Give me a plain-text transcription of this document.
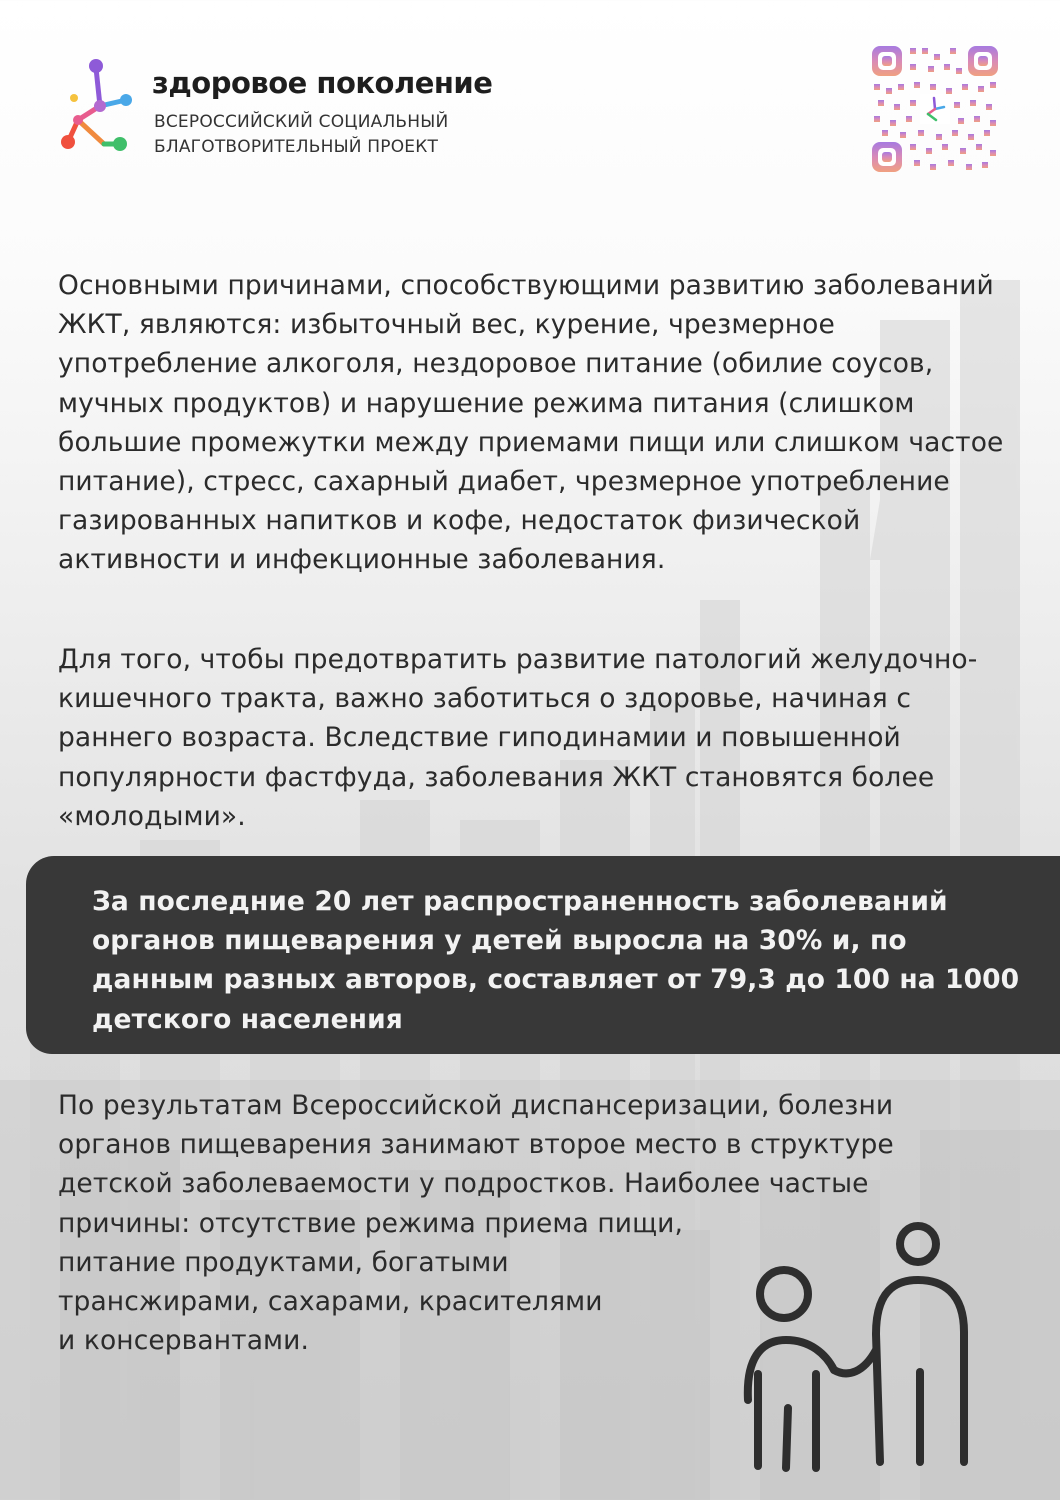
здоровое поколение
ВСЕРОССИЙСКИЙ СОЦИАЛЬНЫЙ
БЛАГОТВОРИТЕЛЬНЫЙ ПРОЕКТ
Основными причинами, способствующими развитию заболеваний ЖКТ, являются: избыточный вес, курение, чрезмерное употребление алкоголя, нездоровое питание (обилие соусов, мучных продуктов) и нарушение режима питания (слишком большие промежутки между приемами пищи или слишком частое питание), стресс, сахарный диабет, чрезмерное употребление газированных напитков и кофе, недостаток физической активности и инфекционные заболевания.
Для того, чтобы предотвратить развитие патологий желудочно-кишечного тракта, важно заботиться о здоровье, начиная с раннего возраста. Вследствие гиподинамии и повышенной популярности фастфуда, заболевания ЖКТ становятся более «молодыми».
За последние 20 лет распространенность заболеваний органов пищеварения у детей выросла на 30% и, по данным разных авторов, составляет от 79,3 до 100 на 1000 детского населения
По результатам Всероссийской диспансеризации, болезни
органов пищеварения занимают второе место в структуре
детской заболеваемости у подростков. Наиболее частые
причины: отсутствие режима приема пищи,
питание продуктами, богатыми
трансжирами, сахарами, красителями
и консервантами.
